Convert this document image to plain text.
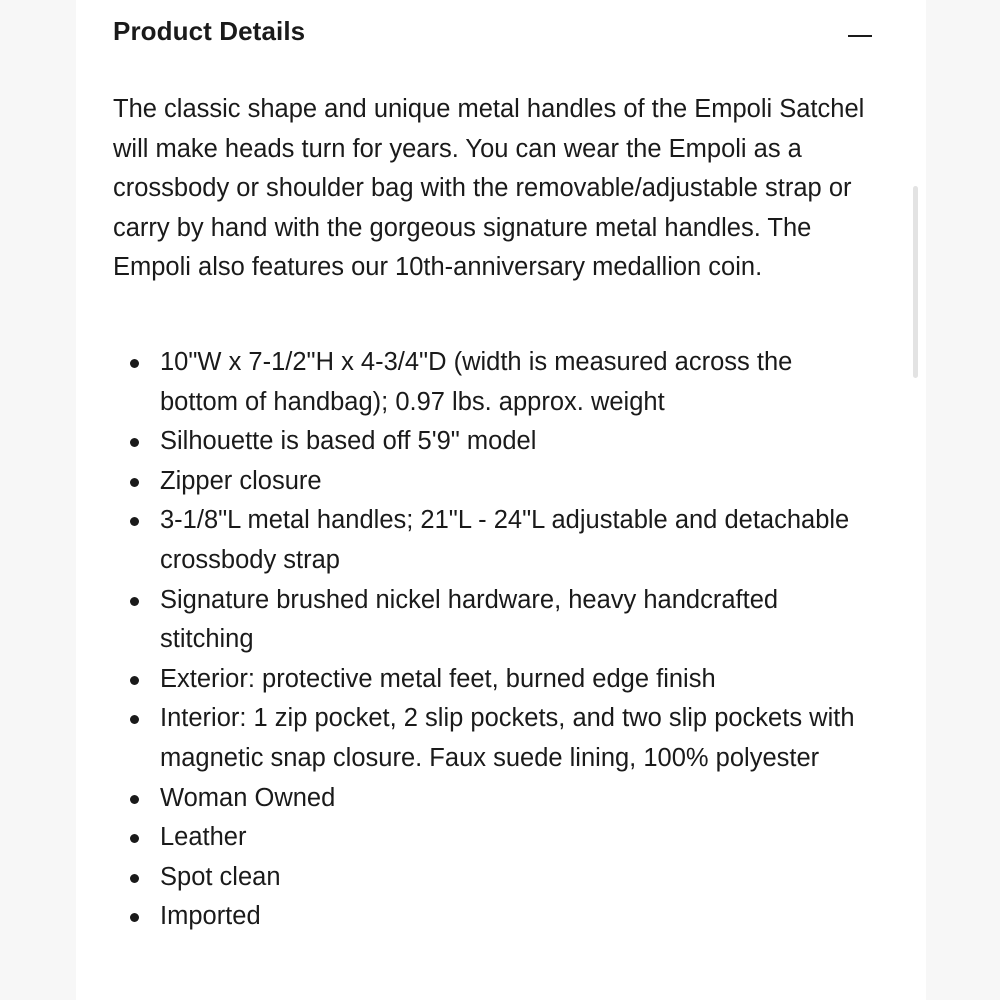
Product Details

The classic shape and unique metal handles of the Empoli Satchel will make heads turn for years. You can wear the Empoli as a crossbody or shoulder bag with the removable/adjustable strap or carry by hand with the gorgeous signature metal handles. The Empoli also features our 10th-anniversary medallion coin.

10"W x 7-1/2"H x 4-3/4"D (width is measured across the bottom of handbag); 0.97 lbs. approx. weight
Silhouette is based off 5'9" model
Zipper closure
3-1/8"L metal handles; 21"L - 24"L adjustable and detachable crossbody strap
Signature brushed nickel hardware, heavy handcrafted stitching
Exterior: protective metal feet, burned edge finish
Interior: 1 zip pocket, 2 slip pockets, and two slip pockets with magnetic snap closure. Faux suede lining, 100% polyester
Woman Owned
Leather
Spot clean
Imported
